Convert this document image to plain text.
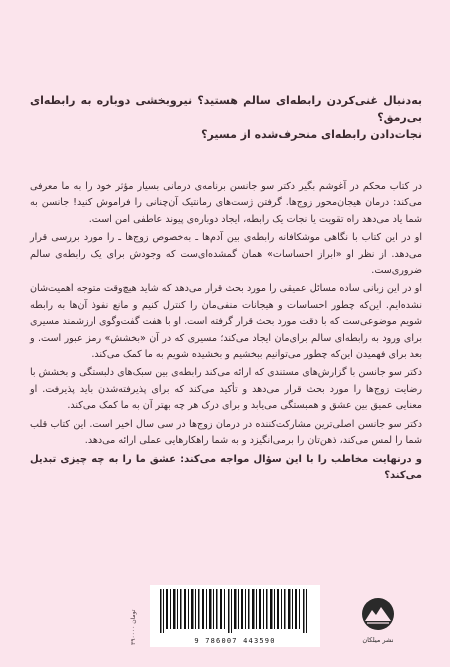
به‌دنبال غنی‌کردن رابطه‌ای سالم هستید؟ نیروبخشی دوباره به رابطه‌ای بی‌رمق؟
نجات‌دادن رابطه‌ای منحرف‌شده از مسیر؟

در کتاب محکم در آغوشم بگیر دکتر سو جانسن برنامه‌ی درمانی بسیار مؤثر خود را به ما معرفی می‌کند: درمان هیجان‌محور زوج‌ها. گرفتن ژست‌های رمانتیک آن‌چنانی را فراموش کنید! جانسن به شما یاد می‌دهد راه تقویت یا نجات یک رابطه، ایجاد دوباره‌ی پیوند عاطفی امن است.

او در این کتاب با نگاهی موشکافانه رابطه‌ی بین آدم‌ها ـ به‌خصوص زوج‌ها ـ را مورد بررسی قرار می‌دهد. از نظر او «ابراز احساسات» همان گمشده‌ای‌ست که وجودش برای یک رابطه‌ی سالم ضروری‌ست.

او در این زبانی ساده مسائل عمیقی را مورد بحث قرار می‌دهد که شاید هیچ‌وقت متوجه اهمیت‌شان نشده‌ایم. این‌که چطور احساسات و هیجانات منفی‌مان را کنترل کنیم و مانع نفوذ آن‌ها به رابطه شویم موضوعی‌ست که با دقت مورد بحث قرار گرفته است. او با هفت گفت‌وگوی ارزشمند مسیری برای ورود به رابطه‌ای سالم برای‌مان ایجاد می‌کند؛ مسیری که در آن «بخشش» رمز عبور است. و بعد برای فهمیدن این‌که چطور می‌توانیم ببخشیم و بخشیده شویم به ما کمک می‌کند.

دکتر سو جانسن با گزارش‌های مستندی که ارائه می‌کند رابطه‌ی بین سبک‌های دلبستگی و بخشش با رضایت زوج‌ها را مورد بحث قرار می‌دهد و تأکید می‌کند که برای پذیرفته‌شدن باید پذیرفت. او معنایی عمیق بین عشق و همبستگی می‌یابد و برای درک هر چه بهتر آن به ما کمک می‌کند.

دکتر سو جانسن اصلی‌ترین مشارکت‌کننده در درمان زوج‌ها در سی سال اخیر است. این کتاب قلب شما را لمس می‌کند، ذهن‌تان را برمی‌انگیزد و به شما راهکارهایی عملی ارائه می‌دهد.

و درنهایت مخاطب را با این سؤال مواجه می‌کند: عشق ما را به چه چیزی تبدیل می‌کند؟

۳۹۰۰۰۰ تومان
9 786007 443590	نشر میلکان
